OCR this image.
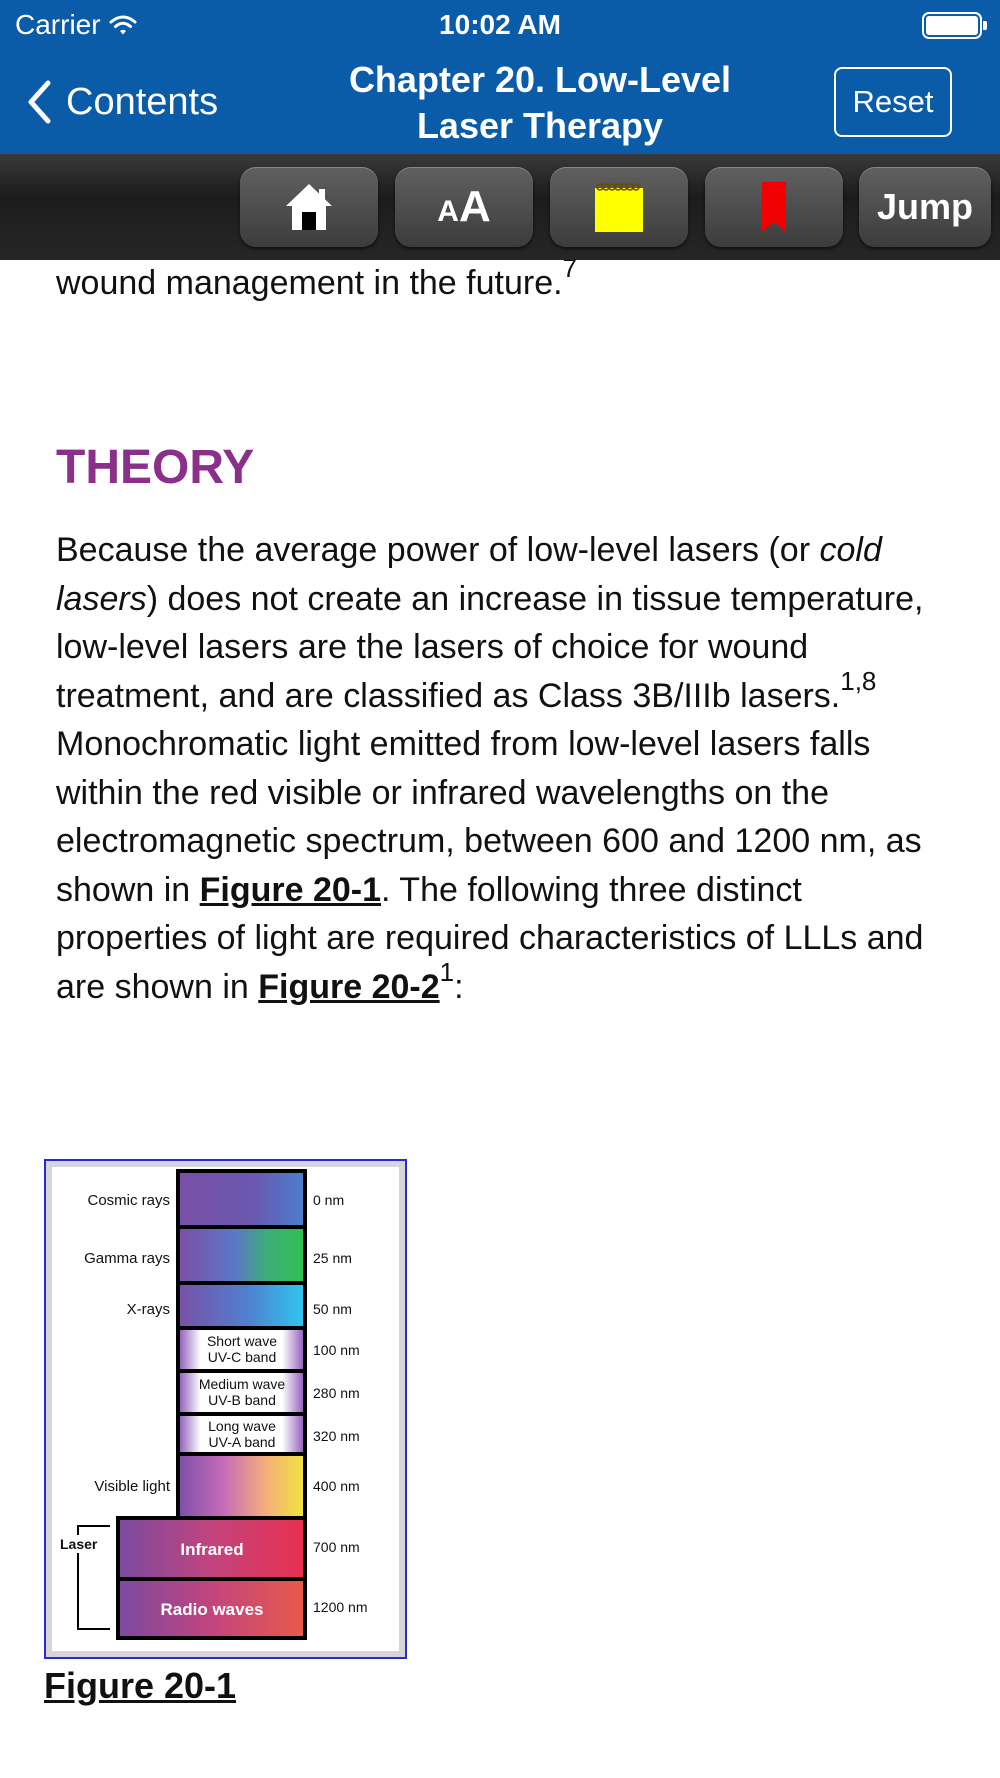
Carrier	10:02 AM
Contents
Chapter 20. Low-Level
Laser Therapy
Reset
A A	Jump

wound management in the future.$^7$
THEORY
Because the average power of low-level lasers (or cold lasers) does not create an increase in tissue temperature, low-level lasers are the lasers of choice for wound treatment, and are classified as Class 3B/IIIb lasers.$^{1,8}$ Monochromatic light emitted from low-level lasers falls within the red visible or infrared wavelengths on the electromagnetic spectrum, between 600 and 1200 nm, as shown in Figure 20-1. The following three distinct properties of light are required characteristics of LLLs and are shown in Figure $20-2^1$:
Cosmic rays
Gamma rays
X-rays
Visible light
Laser
Short wave
UV-C band
Medium wave
UV-B band
Long wave
UV-A band
Infrared
Radio waves
0 nm
25 nm
50 nm
100 nm
280 nm
320 nm
400 nm
700 nm
1200 nm
Figure 20-1
